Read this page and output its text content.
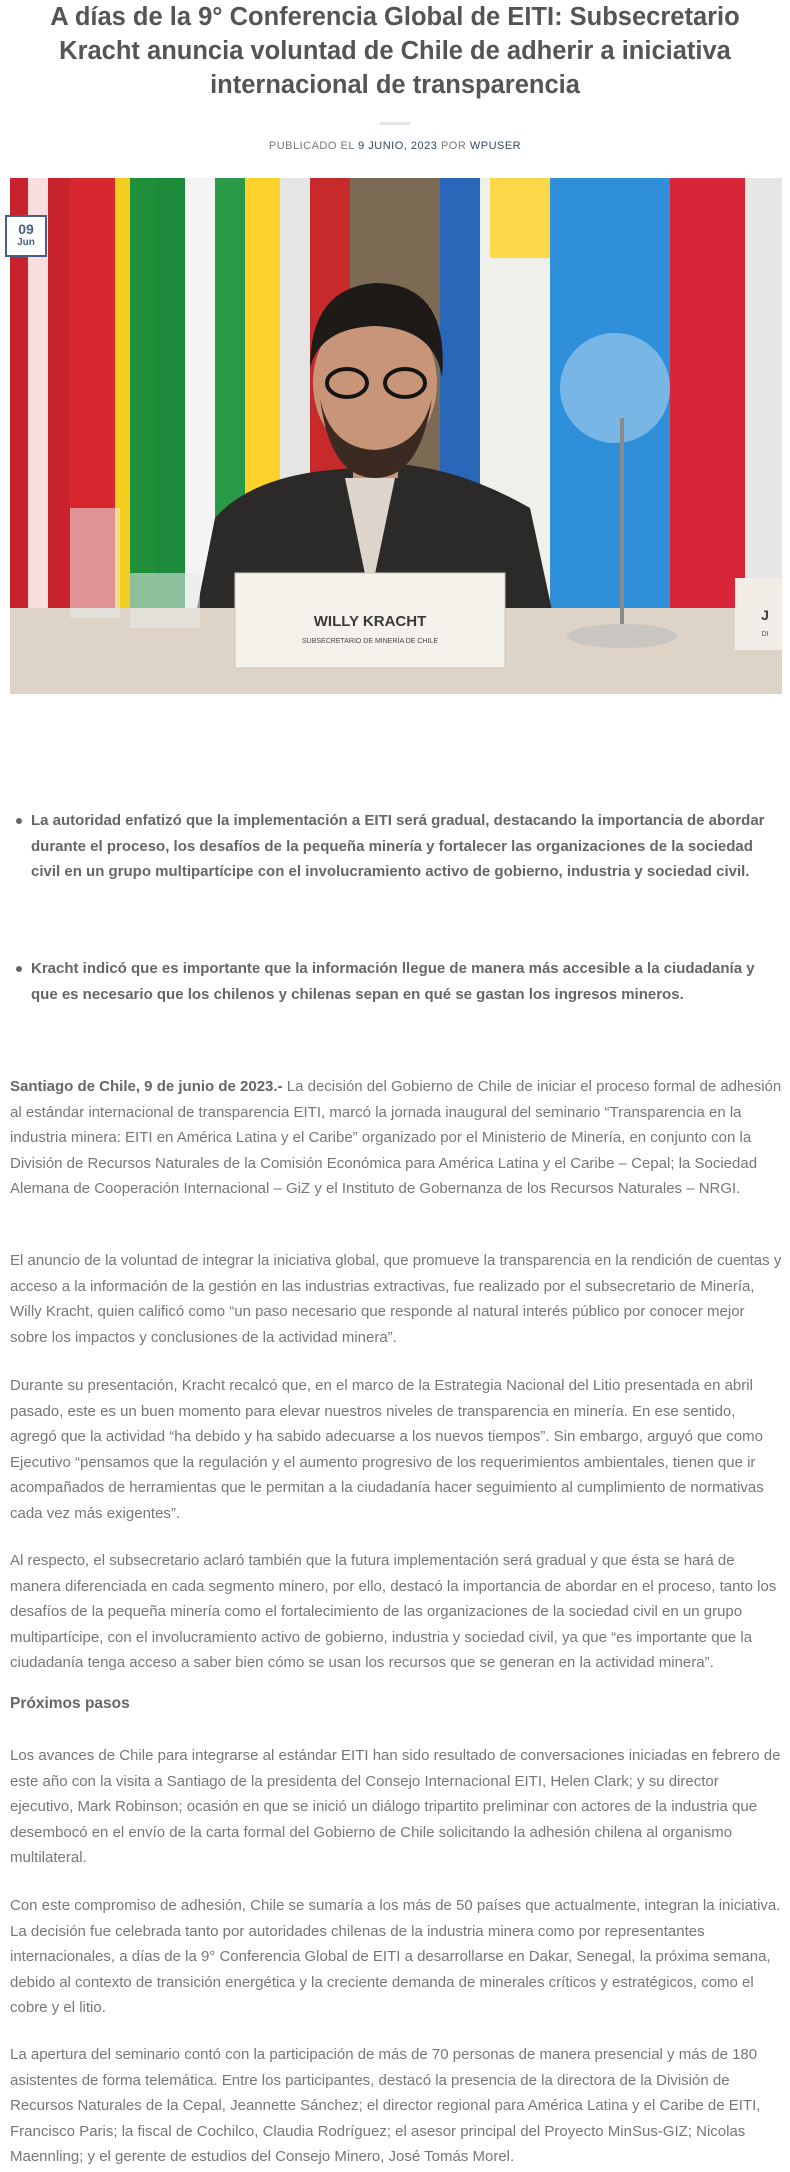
A días de la 9° Conferencia Global de EITI: Subsecretario Kracht anuncia voluntad de Chile de adherir a iniciativa internacional de transparencia
PUBLICADO EL 9 JUNIO, 2023 POR WPUSER
WILLY KRACHT
SUBSECRETARIO DE MINERÍA DE CHILE
J
DI
09
Jun
La autoridad enfatizó que la implementación a EITI será gradual, destacando la importancia de abordar durante el proceso, los desafíos de la pequeña minería y fortalecer las organizaciones de la sociedad civil en un grupo multipartícipe con el involucramiento activo de gobierno, industria y sociedad civil.
Kracht indicó que es importante que la información llegue de manera más accesible a la ciudadanía y que es necesario que los chilenos y chilenas sepan en qué se gastan los ingresos mineros.

Santiago de Chile, 9 de junio de 2023.- La decisión del Gobierno de Chile de iniciar el proceso formal de adhesión al estándar internacional de transparencia EITI, marcó la jornada inaugural del seminario “Transparencia en la industria minera: EITI en América Latina y el Caribe” organizado por el Ministerio de Minería, en conjunto con la División de Recursos Naturales de la Comisión Económica para América Latina y el Caribe – Cepal; la Sociedad Alemana de Cooperación Internacional – GiZ y el Instituto de Gobernanza de los Recursos Naturales – NRGI.

El anuncio de la voluntad de integrar la iniciativa global, que promueve la transparencia en la rendición de cuentas y acceso a la información de la gestión en las industrias extractivas, fue realizado por el subsecretario de Minería, Willy Kracht, quien calificó como “un paso necesario que responde al natural interés público por conocer mejor sobre los impactos y conclusiones de la actividad minera”.

Durante su presentación, Kracht recalcó que, en el marco de la Estrategia Nacional del Litio presentada en abril pasado, este es un buen momento para elevar nuestros niveles de transparencia en minería. En ese sentido, agregó que la actividad “ha debido y ha sabido adecuarse a los nuevos tiempos”. Sin embargo, arguyó que como Ejecutivo “pensamos que la regulación y el aumento progresivo de los requerimientos ambientales, tienen que ir acompañados de herramientas que le permitan a la ciudadanía hacer seguimiento al cumplimiento de normativas cada vez más exigentes”.

Al respecto, el subsecretario aclaró también que la futura implementación será gradual y que ésta se hará de manera diferenciada en cada segmento minero, por ello, destacó la importancia de abordar en el proceso, tanto los desafíos de la pequeña minería como el fortalecimiento de las organizaciones de la sociedad civil en un grupo multipartícipe, con el involucramiento activo de gobierno, industria y sociedad civil, ya que “es importante que la ciudadanía tenga acceso a saber bien cómo se usan los recursos que se generan en la actividad minera”.

Próximos pasos

Los avances de Chile para integrarse al estándar EITI han sido resultado de conversaciones iniciadas en febrero de este año con la visita a Santiago de la presidenta del Consejo Internacional EITI, Helen Clark; y su director ejecutivo, Mark Robinson; ocasión en que se inició un diálogo tripartito preliminar con actores de la industria que desembocó en el envío de la carta formal del Gobierno de Chile solicitando la adhesión chilena al organismo multilateral.

Con este compromiso de adhesión, Chile se sumaría a los más de 50 países que actualmente, integran la iniciativa. La decisión fue celebrada tanto por autoridades chilenas de la industria minera como por representantes internacionales, a días de la 9° Conferencia Global de EITI a desarrollarse en Dakar, Senegal, la próxima semana, debido al contexto de transición energética y la creciente demanda de minerales críticos y estratégicos, como el cobre y el litio.

La apertura del seminario contó con la participación de más de 70 personas de manera presencial y más de 180 asistentes de forma telemática. Entre los participantes, destacó la presencia de la directora de la División de Recursos Naturales de la Cepal, Jeannette Sánchez; el director regional para América Latina y el Caribe de EITI, Francisco Paris; la fiscal de Cochilco, Claudia Rodríguez; el asesor principal del Proyecto MinSus-GIZ; Nicolas Maennling; y el gerente de estudios del Consejo Minero, José Tomás Morel.
